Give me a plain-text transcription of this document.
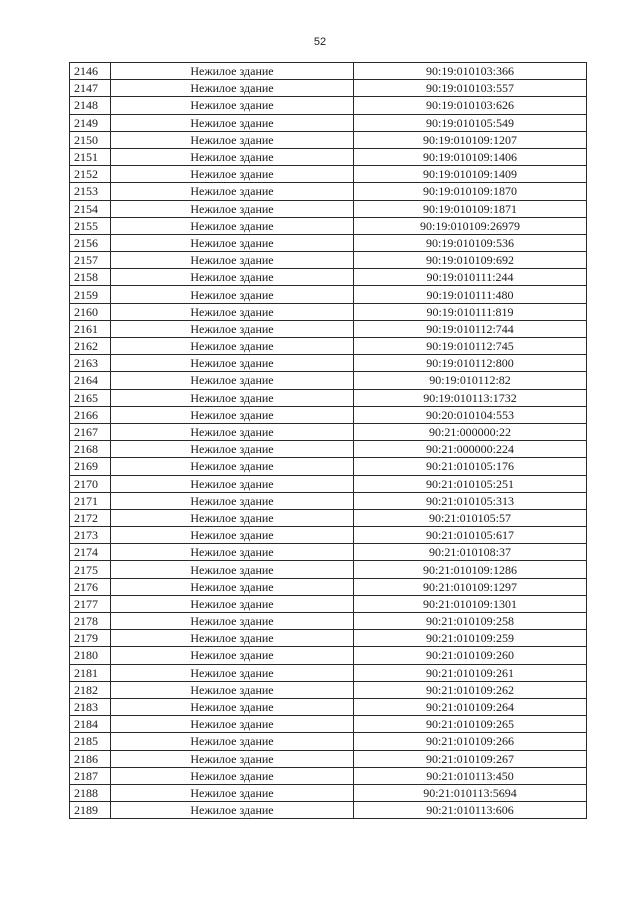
52
2146	Нежилое здание	90:19:010103:366
2147	Нежилое здание	90:19:010103:557
2148	Нежилое здание	90:19:010103:626
2149	Нежилое здание	90:19:010105:549
2150	Нежилое здание	90:19:010109:1207
2151	Нежилое здание	90:19:010109:1406
2152	Нежилое здание	90:19:010109:1409
2153	Нежилое здание	90:19:010109:1870
2154	Нежилое здание	90:19:010109:1871
2155	Нежилое здание	90:19:010109:26979
2156	Нежилое здание	90:19:010109:536
2157	Нежилое здание	90:19:010109:692
2158	Нежилое здание	90:19:010111:244
2159	Нежилое здание	90:19:010111:480
2160	Нежилое здание	90:19:010111:819
2161	Нежилое здание	90:19:010112:744
2162	Нежилое здание	90:19:010112:745
2163	Нежилое здание	90:19:010112:800
2164	Нежилое здание	90:19:010112:82
2165	Нежилое здание	90:19:010113:1732
2166	Нежилое здание	90:20:010104:553
2167	Нежилое здание	90:21:000000:22
2168	Нежилое здание	90:21:000000:224
2169	Нежилое здание	90:21:010105:176
2170	Нежилое здание	90:21:010105:251
2171	Нежилое здание	90:21:010105:313
2172	Нежилое здание	90:21:010105:57
2173	Нежилое здание	90:21:010105:617
2174	Нежилое здание	90:21:010108:37
2175	Нежилое здание	90:21:010109:1286
2176	Нежилое здание	90:21:010109:1297
2177	Нежилое здание	90:21:010109:1301
2178	Нежилое здание	90:21:010109:258
2179	Нежилое здание	90:21:010109:259
2180	Нежилое здание	90:21:010109:260
2181	Нежилое здание	90:21:010109:261
2182	Нежилое здание	90:21:010109:262
2183	Нежилое здание	90:21:010109:264
2184	Нежилое здание	90:21:010109:265
2185	Нежилое здание	90:21:010109:266
2186	Нежилое здание	90:21:010109:267
2187	Нежилое здание	90:21:010113:450
2188	Нежилое здание	90:21:010113:5694
2189	Нежилое здание	90:21:010113:606
